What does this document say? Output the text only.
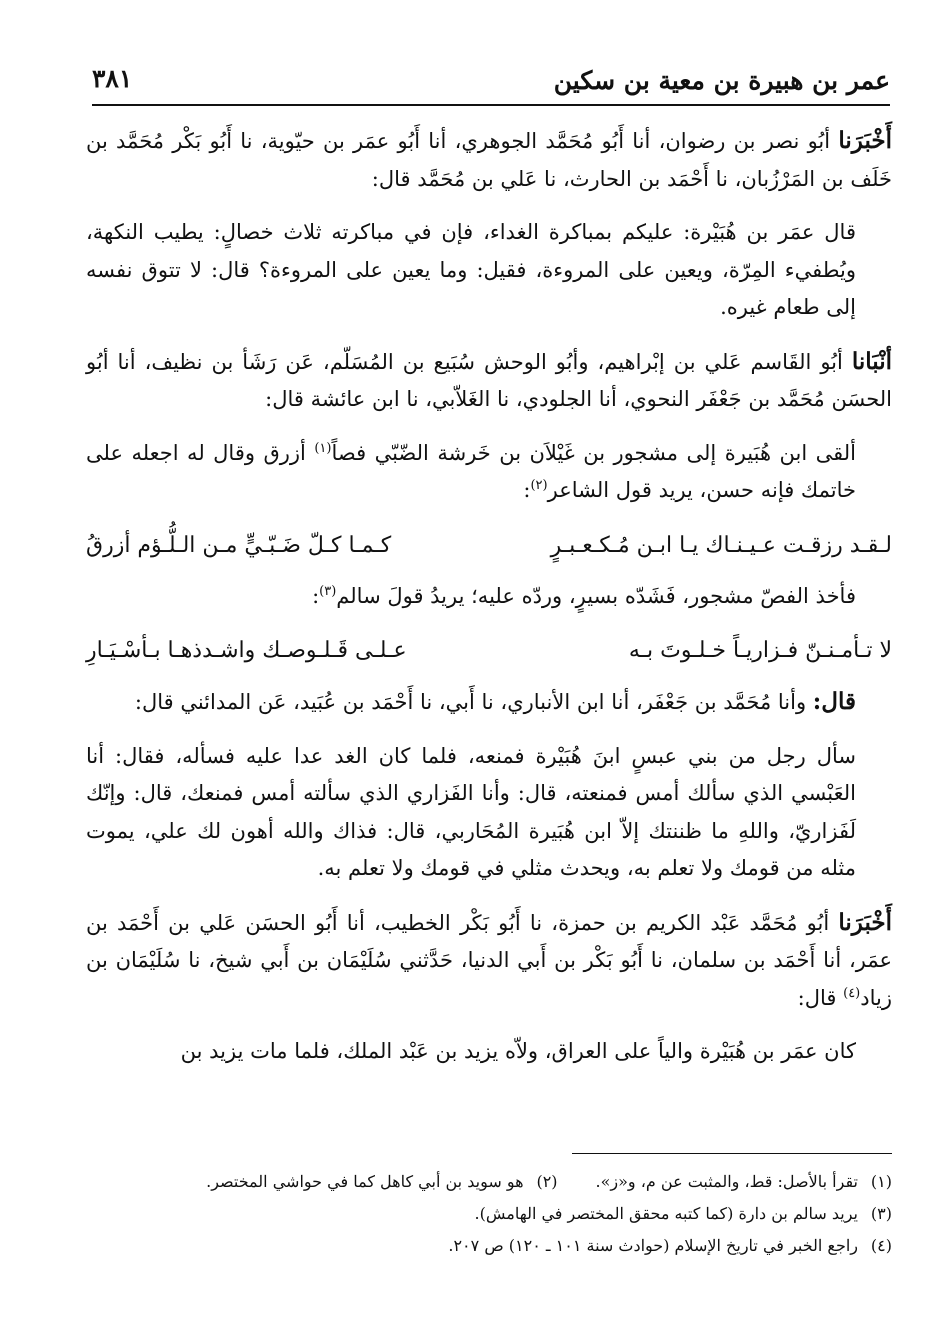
عمر بن هبيرة بن معية بن سكين
٣٨١

أَخْبَرَنا أبُو نصر بن رضوان، أنا أَبُو مُحَمَّد الجوهري، أنا أَبُو عمَر بن حيّوية، نا أَبُو بَكْر مُحَمَّد بن خَلَف بن المَرْزُبان، نا أَحْمَد بن الحارث، نا عَلي بن مُحَمَّد قال:

قال عمَر بن هُبَيْرة: عليكم بمباكرة الغداء، فإن في مباكرته ثلاث خصالٍ: يطيب النكهة، ويُطفيء المِرّة، ويعين على المروءة، فقيل: وما يعين على المروءة؟ قال: لا تتوق نفسه إلى طعام غيره.

أنْبَانا أبُو القَاسم عَلي بن إبْراهيم، وأبُو الوحش سُبَيع بن المُسَلّم، عَن رَشَأ بن نظيف، أنا أبُو الحسَن مُحَمَّد بن جَعْفَر النحوي، أنا الجلودي، نا الغَلاّبي، نا ابن عائشة قال:

ألقى ابن هُبَيرة إلى مشجور بن غَيْلاَن بن خَرشة الضّبّي فصاً$^{(١)}$ أزرق وقال له اجعله على خاتمك فإنه حسن، يريد قول الشاعر$^{(٢)}$:

لـقـد رزقـت عـيـنـاك يـا ابـن مُـكـعـبـرٍ
كـمـا كـلّ ضَـبّـيٍّ مـن الـلُّـؤم أزرقُ

فأخذ الفصّ مشجور، فَشَدّه بسيرٍ، وردّه عليه؛ يريدُ قولَ سالم$^{(٣)}$:

لا تـأمـنـنّ فـزاريـاً خـلـوتَ بـه
عـلـى قَـلـوصـك واشـدذهـا بـأسْـيَـارِ

قال: وأنا مُحَمَّد بن جَعْفَر، أنا ابن الأنباري، نا أَبي، نا أَحْمَد بن عُبَيد، عَن المدائني قال:

سأل رجل من بني عبسٍ ابنَ هُبَيْرة فمنعه، فلما كان الغد عدا عليه فسأله، فقال: أنا العَبْسي الذي سألك أمس فمنعته، قال: وأنا الفَزاري الذي سألته أمس فمنعك، قال: وإنّك لَفَزاريّ، واللهِ ما ظننتك إلاّ ابن هُبَيرة المُحَاربي، قال: فذاك والله أهون لك علي، يموت مثله من قومك ولا تعلم به، ويحدث مثلي في قومك ولا تعلم به.

أَخْبَرَنا أبُو مُحَمَّد عَبْد الكريم بن حمزة، نا أَبُو بَكْر الخطيب، أنا أَبُو الحسَن عَلي بن أَحْمَد بن عمَر، أنا أَحْمَد بن سلمان، نا أَبُو بَكْر بن أَبي الدنيا، حَدَّثني سُلَيْمَان بن أَبي شيخ، نا سُلَيْمَان بن زياد$^{(٤)}$ قال:

كان عمَر بن هُبَيْرة والياً على العراق، ولاّه يزيد بن عَبْد الملك، فلما مات يزيد بن

(١)تقرأ بالأصل: قط، والمثبت عن م، و«ز».
(٢)هو سويد بن أبي كاهل كما في حواشي المختصر.
(٣)يريد سالم بن دارة (كما كتبه محقق المختصر في الهامش).
(٤)راجع الخبر في تاريخ الإسلام (حوادث سنة ١٠١ ـ ١٢٠) ص ٢٠٧.
